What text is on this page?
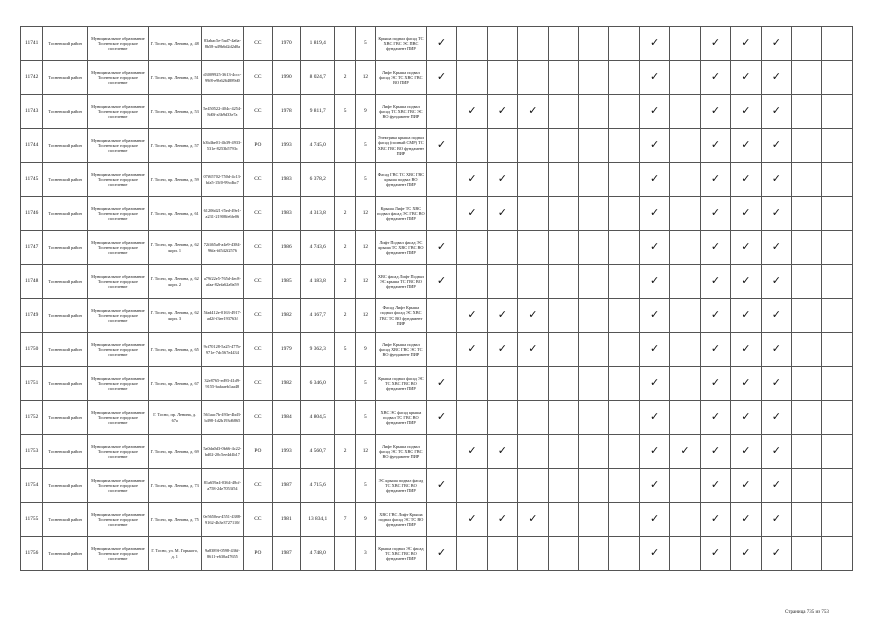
11741	Тосненский район	Муниципальное образование Тосненское городское поселение	Г. Тосно, пр. Ленина, д. 48	83abac5e-5ad7-4a6a-8b58-a49b6d2d2d0a	СС	1970	1 819,4		5	Крыша подвал фасад ТС ХВС ГВС ЭС ПВС фундамент ПИР	✓							✓		✓	✓	✓		
11742	Тосненский район	Муниципальное образование Тосненское городское поселение	Г. Тосно, пр. Ленина, д. 51	d3009925-3613-4ccc-99f8-e9b6264889d0	СС	1990	8 024,7	2	12	Лифт Крыша подвал фасад ЭС ТС ХВС ГВС ВО ПИР	✓							✓		✓	✓	✓		
11743	Тосненский район	Муниципальное образование Тосненское городское поселение	Г. Тосно, пр. Ленина, д. 53	5e450522-404c-4254-8d0f-a3b9d33e7a	СС	1978	9 811,7	5	9	Лифт Крыша подвал фасад ТС ХВС ГВС ЭС ВО фундамент ПИР		✓	✓	✓				✓		✓	✓	✓		
11744	Тосненский район	Муниципальное образование Тосненское городское поселение	Г. Тосно, пр. Ленина, д. 57	b3b4be01-4b39-4933-531e-8253b5793c	РО	1993	4 745,0		5	Электрика крыша подвал фасад (полный СМР) ТС ХВС ГВС ВО фундамент ПИР	✓							✓		✓	✓	✓		
11745	Тосненский район	Муниципальное образование Тосненское городское поселение	Г. Тосно, пр. Ленина, д. 59	07f65702-750d-4c13-bfa5-15f0-99cdbc7	СС	1983	6 378,2		5	Фасад ГВС ТС ХВС ГВС крыша подвал ВО фундамент ПИР		✓	✓					✓		✓	✓	✓		
11746	Тосненский район	Муниципальное образование Тосненское городское поселение	Г. Тосно, пр. Ленина, д. 61	61206d21-f5ed-49e1-a231-21908fe6fe06	СС	1983	4 313,8	2	12	Крыша Лифт ТС ХВС подвал фасад ЭС ГВС ВО фундамент ПИР		✓	✓					✓		✓	✓	✓		
11747	Тосненский район	Муниципальное образование Тосненское городское поселение	Г. Тосно, пр. Ленина, д. 62 корп. 1	72f465a8-a4e9-4384-96fa-fd542f2576	СС	1986	4 743,6	2	12	Лифт Подвал фасад ЭС крыша ТС ХВС ГВС ВО фундамент ПИР	✓							✓		✓	✓	✓		
11748	Тосненский район	Муниципальное образование Тосненское городское поселение	Г. Тосно, пр. Ленина, д. 62 корп. 2	a79f22e5-765d-4ec8-afaa-82efa62a9a59	СС	1985	4 183,8	2	12	ХВС фасад Лифт Подвал ЭС крыша ТС ГВС ВО фундамент ПИР	✓							✓		✓	✓	✓		
11749	Тосненский район	Муниципальное образование Тосненское городское поселение	Г. Тосно, пр. Ленина, д. 62 корп. 3	5fad412e-0163-4917-ad2f-f3ee193763f	СС	1982	4 167,7	2	12	Фасад Лифт Крыша подвал фасад ЭС ХВС ГВС ТС ВО фундамент ПИР		✓	✓	✓				✓		✓	✓	✓		
11750	Тосненский район	Муниципальное образование Тосненское городское поселение	Г. Тосно, пр. Ленина, д. 65	9cf70128-5a25-477b-971e-7dc567e4434	СС	1979	9 362,3	5	9	Лифт Крыша подвал фасад ХВС ГВС ЭС ТС ВО фундамент ПИР		✓	✓	✓				✓		✓	✓	✓		
11751	Тосненский район	Муниципальное образование Тосненское городское поселение	Г. Тосно, пр. Ленина, д. 67	32e8765-ed93-41d9-9155-bafaaeb1aa48	СС	1982	6 346,0		5	Крыша подвал фасад ЭС ТС ХВС ГВС ВО фундамент ПИР	✓							✓		✓	✓	✓		
11752	Тосненский район	Муниципальное образование Тосненское городское поселение	Г. Тосно, пр. Ленина, д. 67а	561aac7b-493e-4bd3-b498-1d2b193d6865	СС	1984	4 804,5		5	ХВС ЭС фасад крыша подвал ТС ГВС ВО фундамент ПИР	✓							✓		✓	✓	✓		
11753	Тосненский район	Муниципальное образование Тосненское городское поселение	Г. Тосно, пр. Ленина, д. 69	5a0da0d3-0b66-4c22-bd02-20c5ee4d4b17	РО	1993	4 560,7	2	12	Лифт Крыша подвал фасад ЭС ТС ХВС ГВС ВО фундамент ПИР		✓	✓					✓	✓	✓	✓	✓		
11754	Тосненский район	Муниципальное образование Тосненское городское поселение	Г. Тосно, пр. Ленина, д. 73	81a659a4-0364-48cf-a758-24e7053f54	СС	1987	4 715,6		5	ЭС крыша подвал фасад ТС ХВС ГВС ВО фундамент ПИР	✓							✓		✓	✓	✓		
11755	Тосненский район	Муниципальное образование Тосненское городское поселение	Г. Тосно, пр. Ленина, д. 75	0e5650ea-4551-4388-9162-4b3e3727110f	СС	1981	13 834,1	7	9	ХВС ГВС Лифт Крыша подвал фасад ЭС ТС ВО фундамент ПИР		✓	✓	✓				✓		✓	✓	✓		
11756	Тосненский район	Муниципальное образование Тосненское городское поселение	Г. Тосно, ул. М. Горького, д. 1	9a8389f-0598-436f-8611-e630a47655	РО	1987	4 748,0		3	Крыша подвал ЭС фасад ТС ХВС ГВС ВО фундамент ПИР	✓							✓		✓	✓	✓		
Страница 735 из 753
